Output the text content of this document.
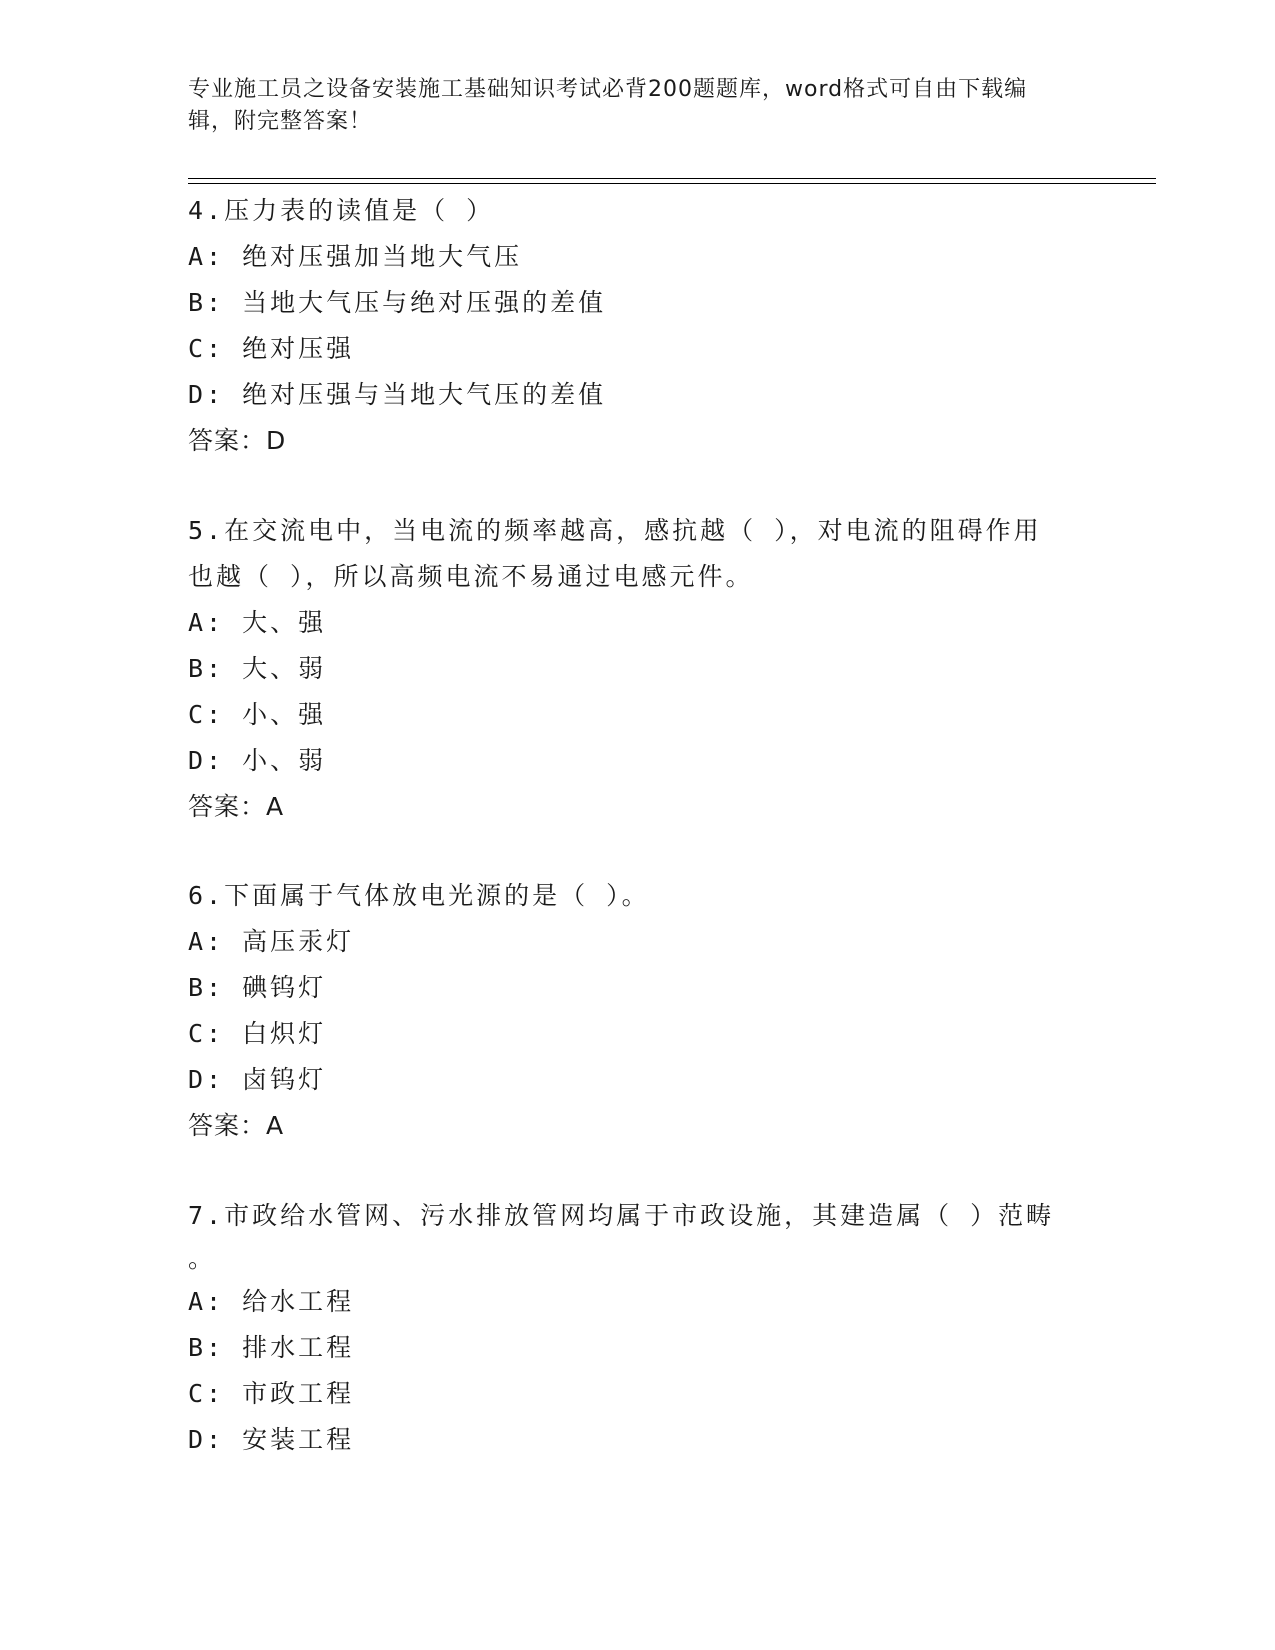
专业施工员之设备安装施工基础知识考试必背200题题库，word格式可自由下载编辑，附完整答案！
4.压力表的读值是（ ）
A: 绝对压强加当地大气压
B: 当地大气压与绝对压强的差值
C: 绝对压强
D: 绝对压强与当地大气压的差值
答案：D
5.在交流电中，当电流的频率越高，感抗越（ ），对电流的阻碍作用
也越（ ），所以高频电流不易通过电感元件。
A: 大、强
B: 大、弱
C: 小、强
D: 小、弱
答案：A
6.下面属于气体放电光源的是（ ）。
A: 高压汞灯
B: 碘钨灯
C: 白炽灯
D: 卤钨灯
答案：A
7.市政给水管网、污水排放管网均属于市政设施，其建造属（ ）范畴
。
A: 给水工程
B: 排水工程
C: 市政工程
D: 安装工程
